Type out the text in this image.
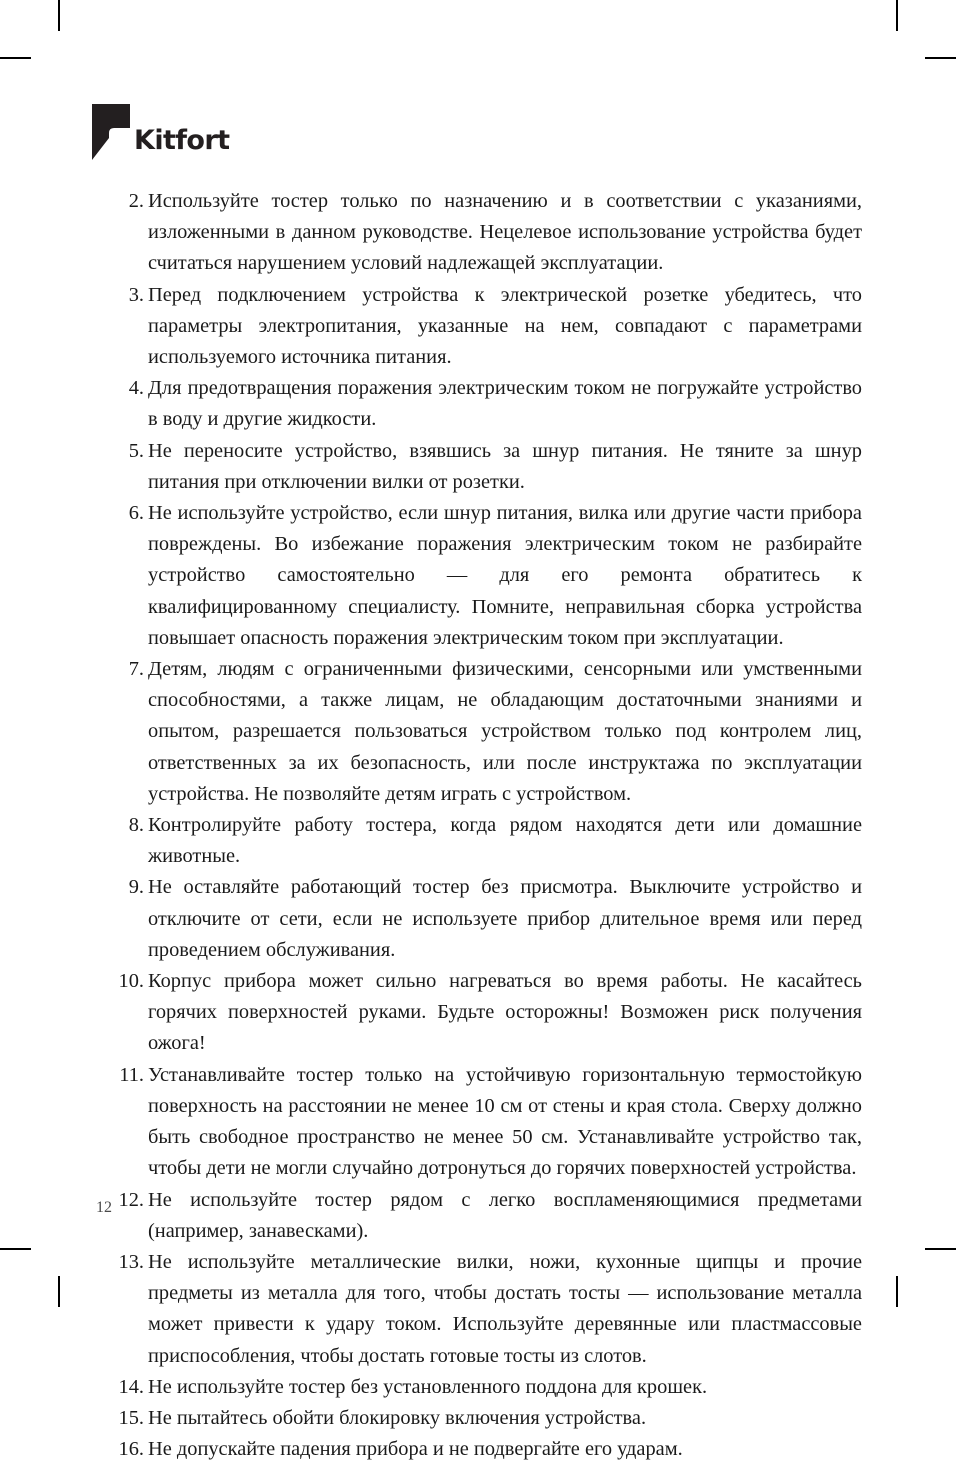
Kitfort
2. Используйте тостер только по назначению и в соответствии с указаниями, изложенными в данном руководстве. Нецелевое использование устройства будет считаться нарушением условий надлежащей эксплуатации.
3. Перед подключением устройства к электрической розетке убедитесь, что параметры электропитания, указанные на нем, совпадают с параметрами используемого источника питания.
4. Для предотвращения поражения электрическим током не погружайте устройство в воду и другие жидкости.
5. Не переносите устройство, взявшись за шнур питания. Не тяните за шнур питания при отключении вилки от розетки.
6. Не используйте устройство, если шнур питания, вилка или другие части прибора повреждены. Во избежание поражения электрическим током не разбирайте устройство самостоятельно — для его ремонта обратитесь к квалифицированному специалисту. Помните, неправильная сборка устройства повышает опасность поражения электрическим током при эксплуатации.
7. Детям, людям с ограниченными физическими, сенсорными или умственными способностями, а также лицам, не обладающим достаточными знаниями и опытом, разрешается пользоваться устройством только под контролем лиц, ответственных за их безопасность, или после инструктажа по эксплуатации устройства. Не позволяйте детям играть с устройством.
8. Контролируйте работу тостера, когда рядом находятся дети или домашние животные.
9. Не оставляйте работающий тостер без присмотра. Выключите устройство и отключите от сети, если не используете прибор длительное время или перед проведением обслуживания.
10. Корпус прибора может сильно нагреваться во время работы. Не касайтесь горячих поверхностей руками. Будьте осторожны! Возможен риск получения ожога!
11. Устанавливайте тостер только на устойчивую горизонтальную термостойкую поверхность на расстоянии не менее 10 см от стены и края стола. Сверху должно быть свободное пространство не менее 50 см. Устанавливайте устройство так, чтобы дети не могли случайно дотронуться до горячих поверхностей устройства.
12. Не используйте тостер рядом с легко воспламеняющимися предметами (например, занавесками).
13. Не используйте металлические вилки, ножи, кухонные щипцы и прочие предметы из металла для того, чтобы достать тосты — использование металла может привести к удару током. Используйте деревянные или пластмассовые приспособления, чтобы достать готовые тосты из слотов.
14. Не используйте тостер без установленного поддона для крошек.
15. Не пытайтесь обойти блокировку включения устройства.
16. Не допускайте падения прибора и не подвергайте его ударам.
12
